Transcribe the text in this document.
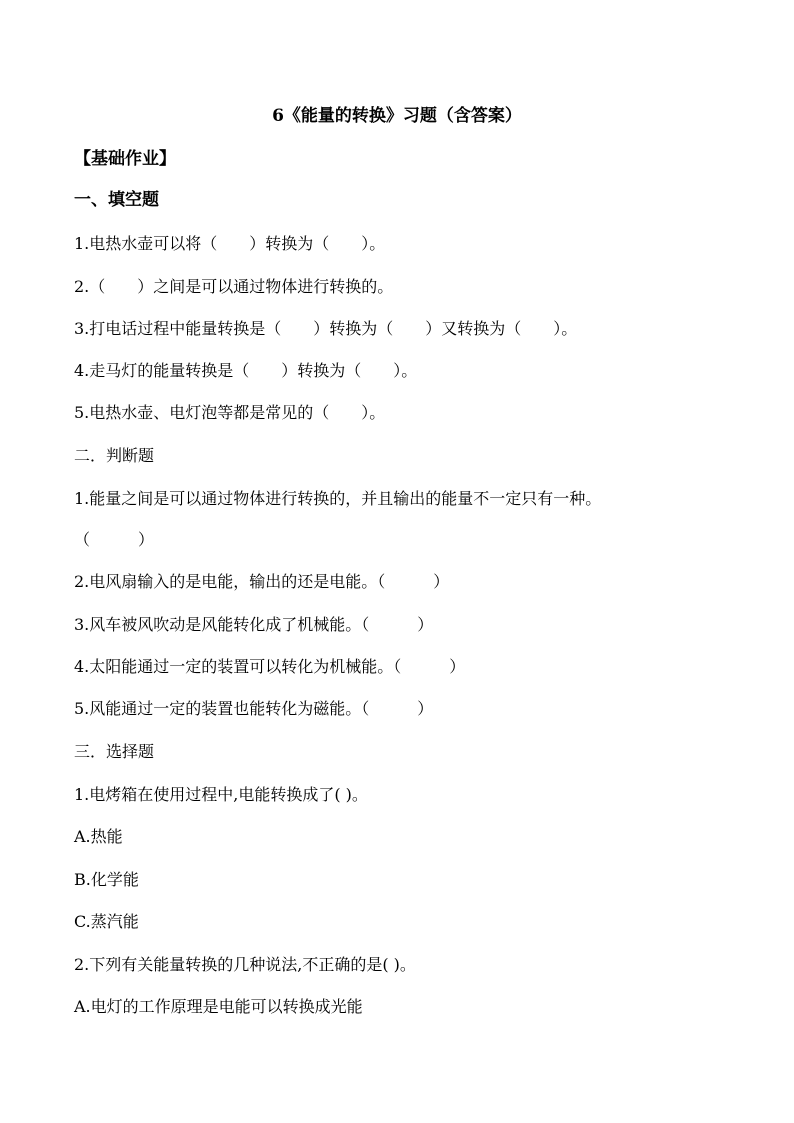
6《能量的转换》习题（含答案）
【基础作业】
一、填空题
1.电热水壶可以将（　　）转换为（　　）。
2.（　　）之间是可以通过物体进行转换的。
3.打电话过程中能量转换是（　　）转换为（　　）又转换为（　　）。
4.走马灯的能量转换是（　　）转换为（　　）。
5.电热水壶、电灯泡等都是常见的（　　）。
二．判断题
1.能量之间是可以通过物体进行转换的，并且输出的能量不一定只有一种。
（　　　）
2.电风扇输入的是电能，输出的还是电能。（　　　）
3.风车被风吹动是风能转化成了机械能。（　　　）
4.太阳能通过一定的装置可以转化为机械能。（　　　）
5.风能通过一定的装置也能转化为磁能。（　　　）
三．选择题
1.电烤箱在使用过程中,电能转换成了( )。
A.热能
B.化学能
C.蒸汽能
2.下列有关能量转换的几种说法,不正确的是( )。
A.电灯的工作原理是电能可以转换成光能
